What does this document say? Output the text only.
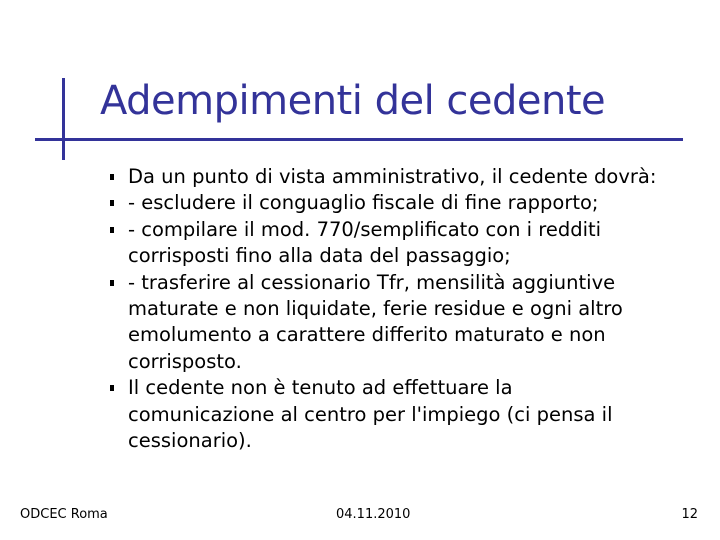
Adempimenti del cedente
Da un punto di vista amministrativo, il cedente dovrà:
- escludere il conguaglio fiscale di fine rapporto;
- compilare il mod. 770/semplificato con i redditi
corrisposti fino alla data del passaggio;
- trasferire al cessionario Tfr, mensilità aggiuntive
maturate e non liquidate, ferie residue e ogni altro
emolumento a carattere differito maturato e non
corrisposto.
Il cedente non è tenuto ad effettuare la
comunicazione al centro per l'impiego (ci pensa il
cessionario).
ODCEC Roma	04.11.2010	12
